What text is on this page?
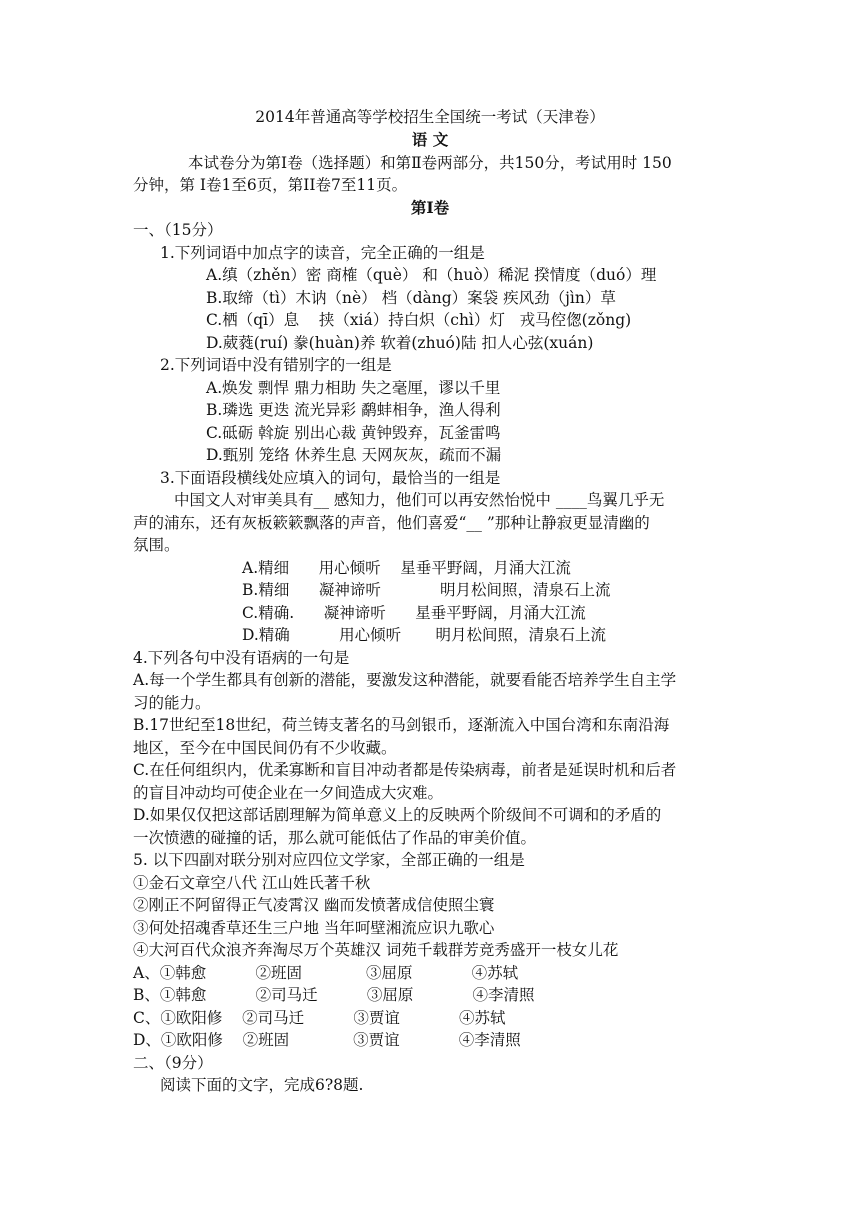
2014年普通高等学校招生全国统一考试（天津卷）
语 文
本试卷分为第Ⅰ卷（选择题）和第Ⅱ卷两部分，共150分，考试用时 150
分钟，第 Ⅰ卷1至6页，第II卷7至11页。
第Ⅰ卷
一、（15分）
1.下列词语中加点字的读音，完全正确的一组是
A.缜（zhěn）密 商榷（què） 和（huò）稀泥 揆情度（duó）理
B.取缔（tì）木讷（nè） 档（dàng）案袋 疾风劲（jìn）草
C.栖（qī）息    挟（xiá）持白炽（chì）灯   戎马倥偬(zǒng)
D.葳蕤(ruí) 豢(huàn)养 软着(zhuó)陆 扣人心弦(xuán)
2.下列词语中没有错别字的一组是
A.焕发 剽悍 鼎力相助 失之毫厘，谬以千里
B.璘选 更迭 流光异彩 鹬蚌相争，渔人得利
C.砥砺 斡旋 别出心裁 黄钟毁弃，瓦釜雷鸣
D.甄别 笼络 休养生息 天网灰灰，疏而不漏
3.下面语段横线处应填入的词句，最恰当的一组是
中国文人对审美具有__ 感知力，他们可以再安然怡悦中 ____鸟翼几乎无
声的浦东，还有灰板簌簌飘落的声音，他们喜爱“__ ”那种让静寂更显清幽的
氛围。
A.精细      用心倾听    星垂平野阔，月涌大江流
B.精细      凝神谛听            明月松间照，清泉石上流
C.精确.      凝神谛听      星垂平野阔，月涌大江流
D.精确          用心倾听       明月松间照，清泉石上流
4.下列各句中没有语病的一句是
A.每一个学生都具有创新的潜能，要激发这种潜能，就要看能否培养学生自主学
习的能力。
B.17世纪至18世纪，荷兰铸支著名的马剑银币，逐渐流入中国台湾和东南沿海
地区，至今在中国民间仍有不少收藏。
C.在任何组织内，优柔寡断和盲目冲动者都是传染病毒，前者是延误时机和后者
的盲目冲动均可使企业在一夕间造成大灾难。
D.如果仅仅把这部话剧理解为简单意义上的反映两个阶级间不可调和的矛盾的
一次愤懑的碰撞的话，那么就可能低估了作品的审美价值。
5. 以下四副对联分别对应四位文学家，全部正确的一组是
①金石文章空八代 江山姓氏著千秋
②刚正不阿留得正气凌霄汉 幽而发愤著成信使照尘寰
③何处招魂香草还生三户地 当年呵壁湘流应识九歌心
④大河百代众浪齐奔淘尽万个英雄汉 词苑千载群芳竞秀盛开一枝女儿花
A、①韩愈          ②班固             ③屈原            ④苏轼
B、①韩愈          ②司马迁          ③屈原            ④李清照
C、①欧阳修    ②司马迁          ③贾谊            ④苏轼
D、①欧阳修    ②班固             ③贾谊            ④李清照
二、（9分）
阅读下面的文字，完成6?8题.
